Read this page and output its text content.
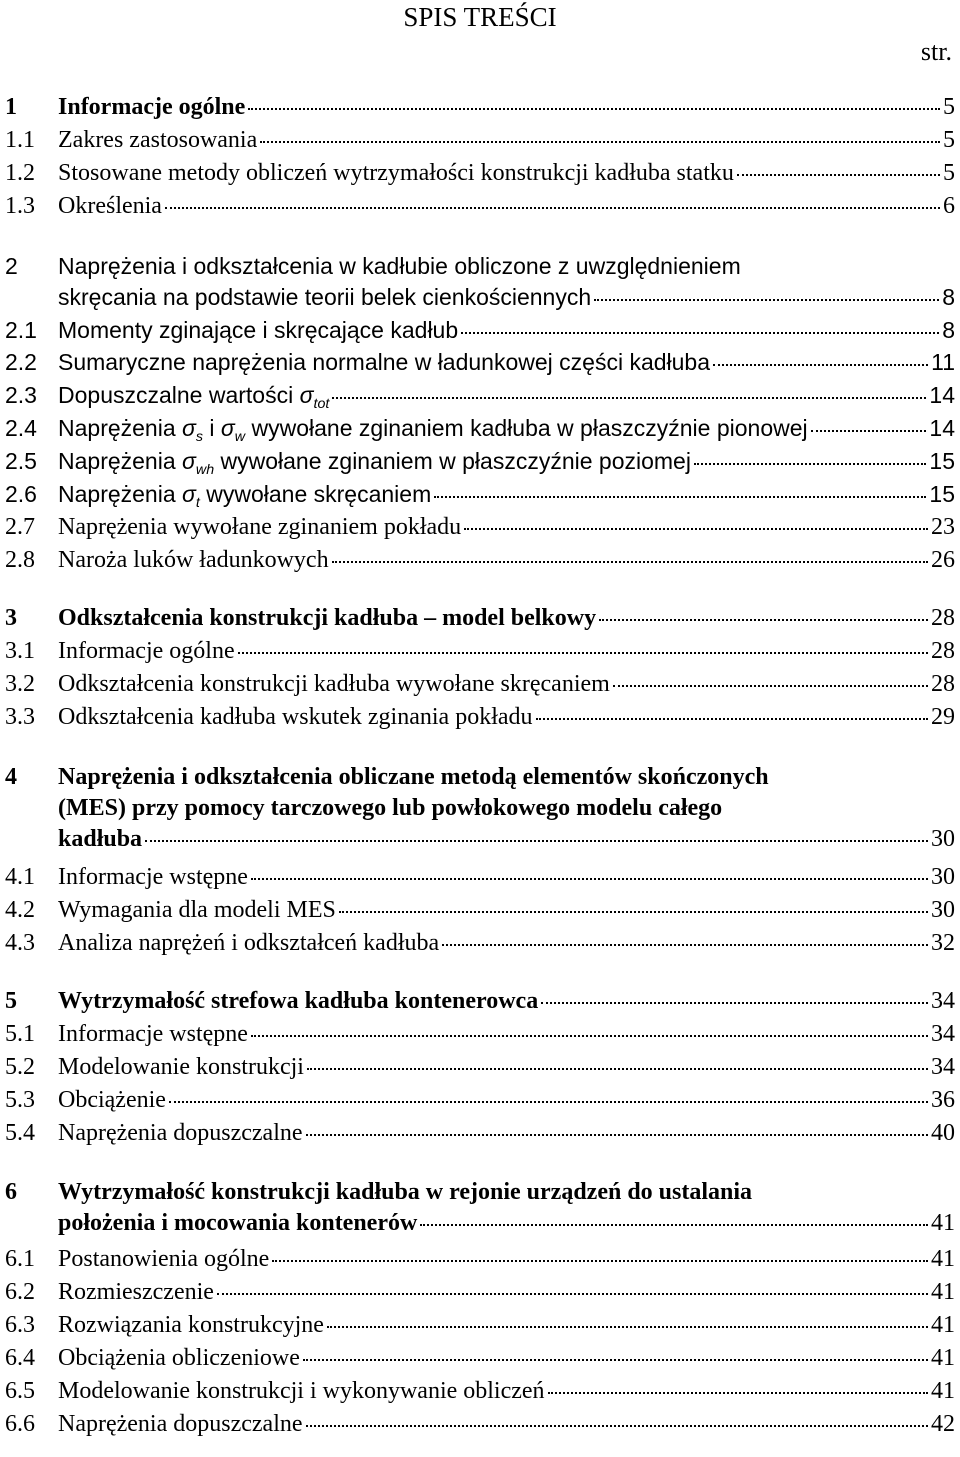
SPIS TREŚCI
str.
1 Informacje ogólne	5
1.1 Zakres zastosowania	5
1.2 Stosowane metody obliczeń wytrzymałości konstrukcji kadłuba statku	5
1.3 Określenia	6
2 Naprężenia i odkształcenia w kadłubie obliczone z uwzględnieniem
skręcania na podstawie teorii belek cienkościennych	8
2.1 Momenty zginające i skręcające kadłub	8
2.2 Sumaryczne naprężenia normalne w ładunkowej części kadłuba	11
2.3 Dopuszczalne wartości $\sigma_{tot}$	14
2.4 Naprężenia $\sigma_s$ i $\sigma_w$ wywołane zginaniem kadłuba w płaszczyźnie pionowej	14
2.5 Naprężenia $\sigma_{wh}$ wywołane zginaniem w płaszczyźnie poziomej	15
2.6 Naprężenia $\sigma_t$ wywołane skręcaniem	15
2.7 Naprężenia wywołane zginaniem pokładu	23
2.8 Naroża luków ładunkowych	26
3 Odkształcenia konstrukcji kadłuba – model belkowy	28
3.1 Informacje ogólne	28
3.2 Odkształcenia konstrukcji kadłuba wywołane skręcaniem	28
3.3 Odkształcenia kadłuba wskutek zginania pokładu	29
4 Naprężenia i odkształcenia obliczane metodą elementów skończonych
(MES) przy pomocy tarczowego lub powłokowego modelu całego
kadłuba	30
4.1 Informacje wstępne	30
4.2 Wymagania dla modeli MES	30
4.3 Analiza naprężeń i odkształceń kadłuba	32
5 Wytrzymałość strefowa kadłuba kontenerowca	34
5.1 Informacje wstępne	34
5.2 Modelowanie konstrukcji	34
5.3 Obciążenie	36
5.4 Naprężenia dopuszczalne	40
6 Wytrzymałość konstrukcji kadłuba w rejonie urządzeń do ustalania
położenia i mocowania kontenerów	41
6.1 Postanowienia ogólne	41
6.2 Rozmieszczenie	41
6.3 Rozwiązania konstrukcyjne	41
6.4 Obciążenia obliczeniowe	41
6.5 Modelowanie konstrukcji i wykonywanie obliczeń	41
6.6 Naprężenia dopuszczalne	42
